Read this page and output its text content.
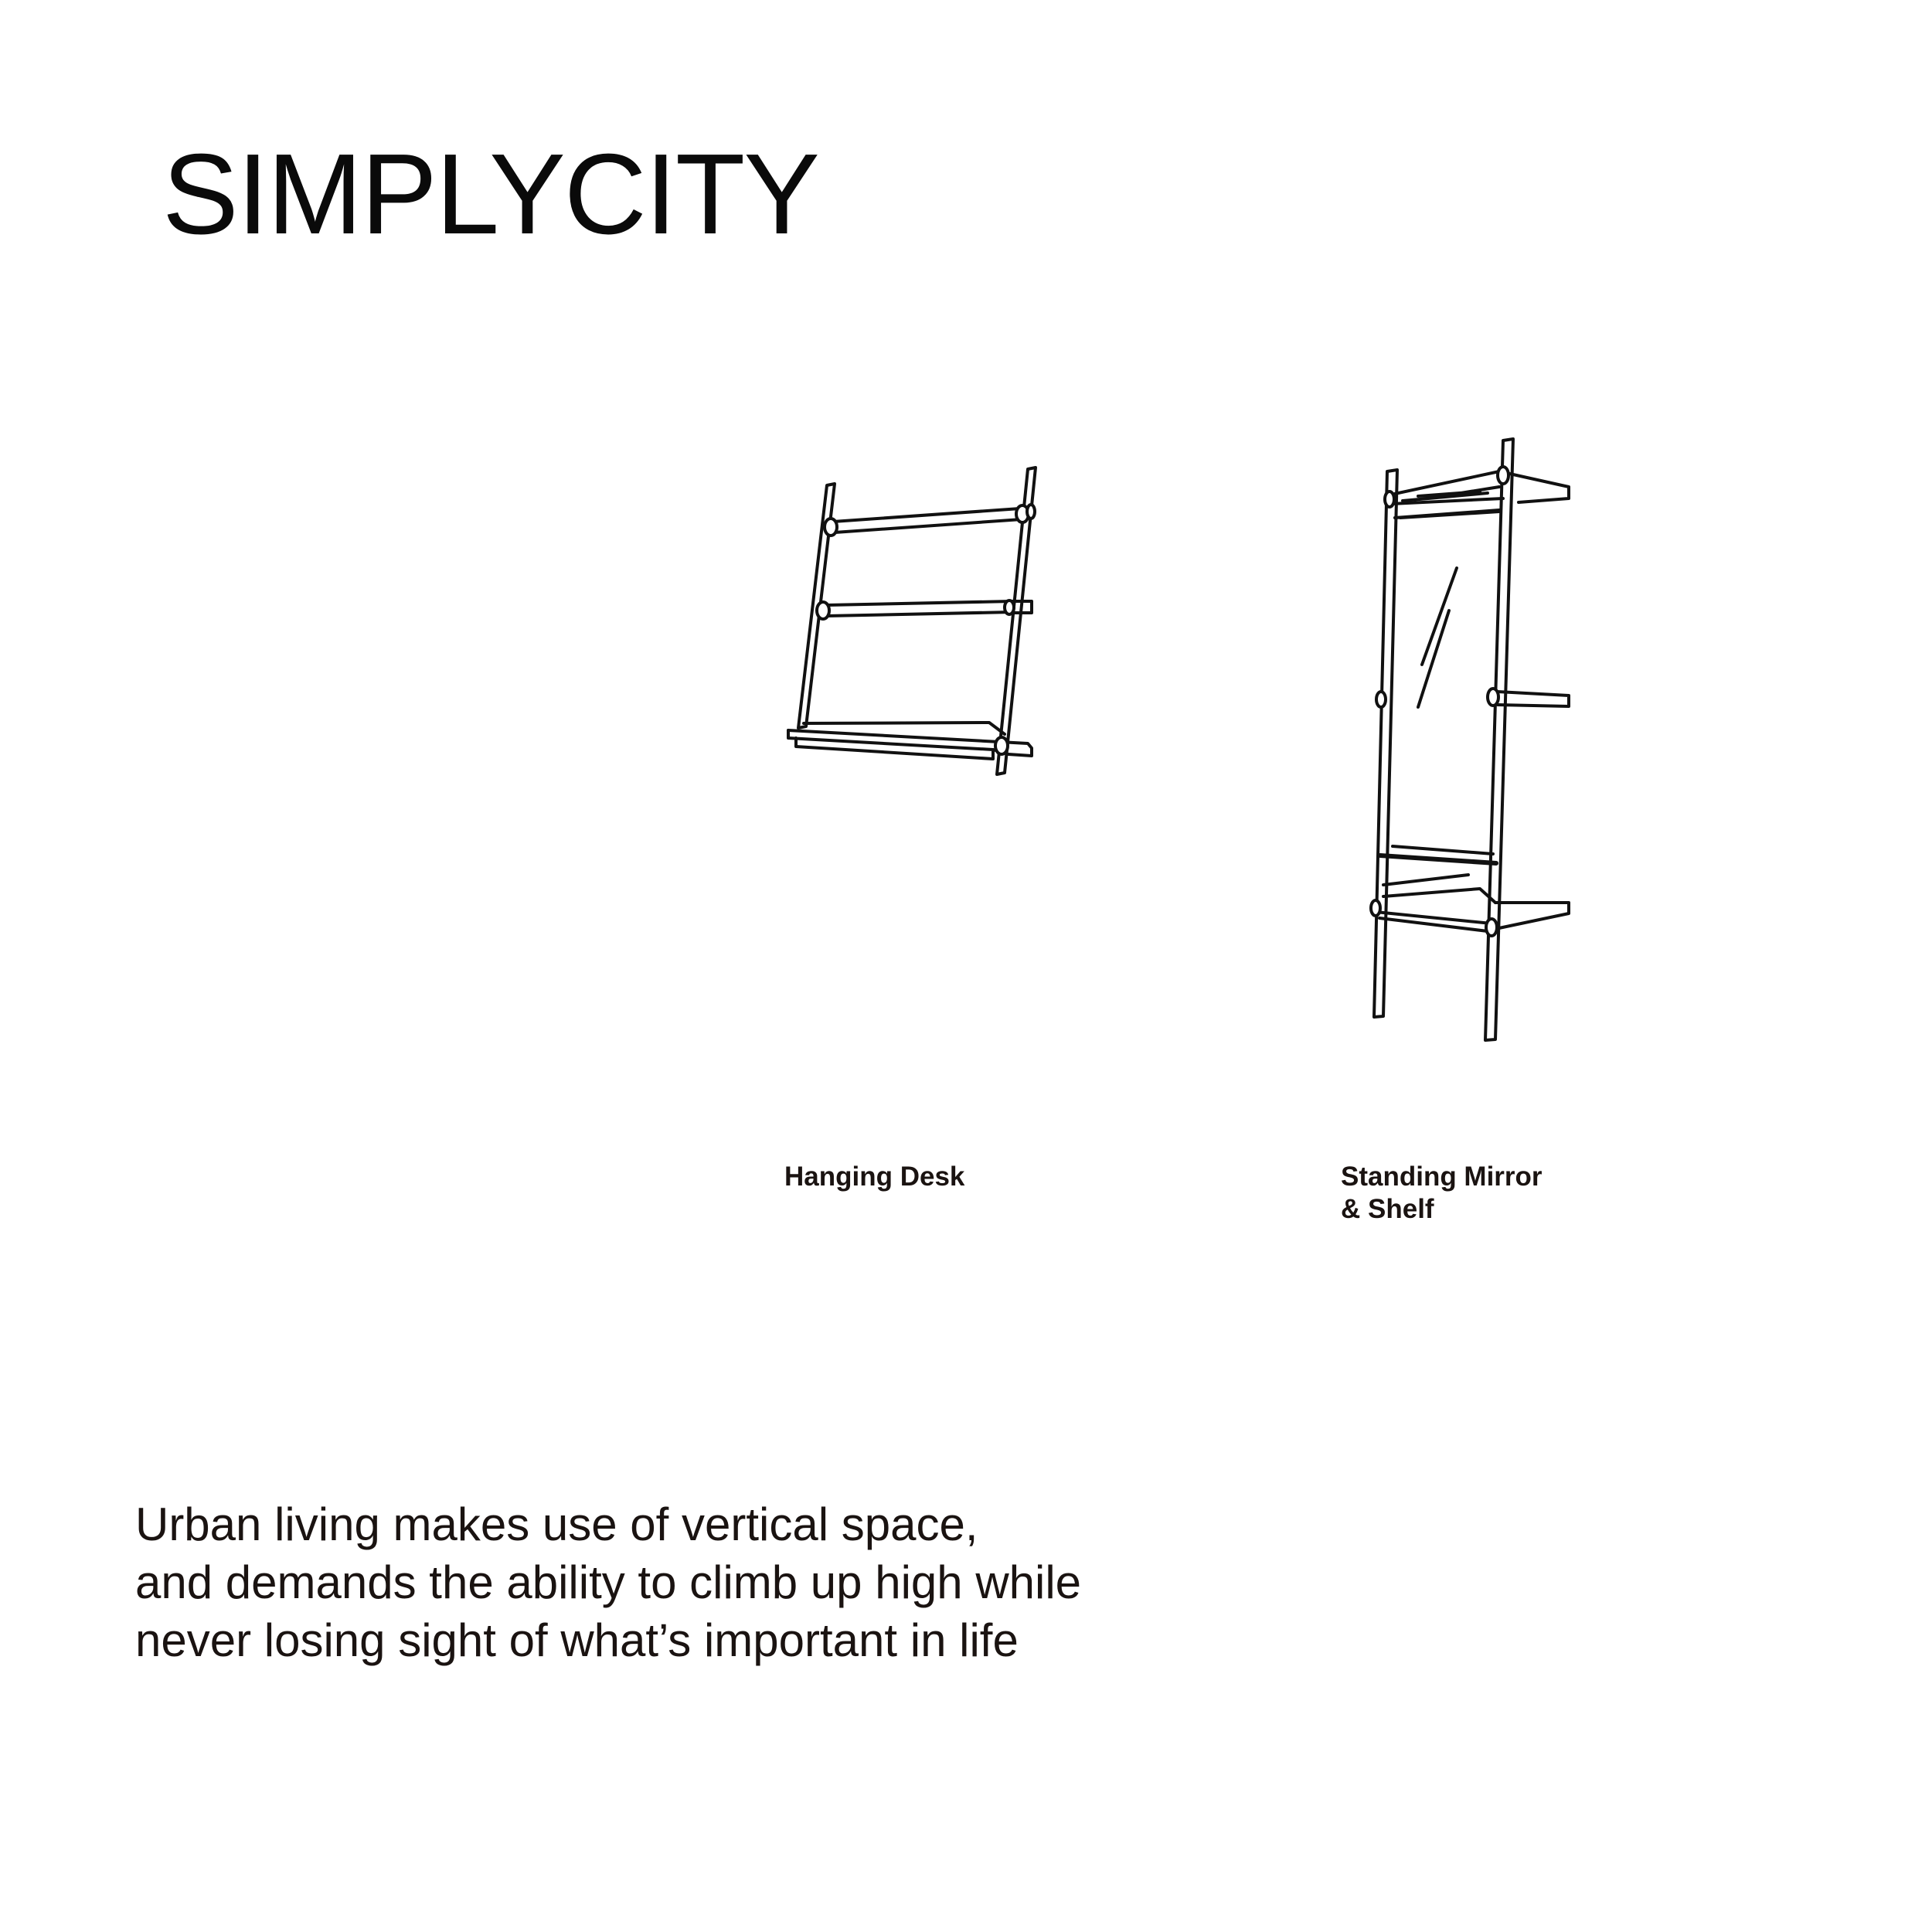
SIMPLYCITY
Hanging Desk	Standing Mirror
& Shelf

Urban living makes use of vertical space,
and demands the ability to climb up high while
never losing sight of what’s important in life
